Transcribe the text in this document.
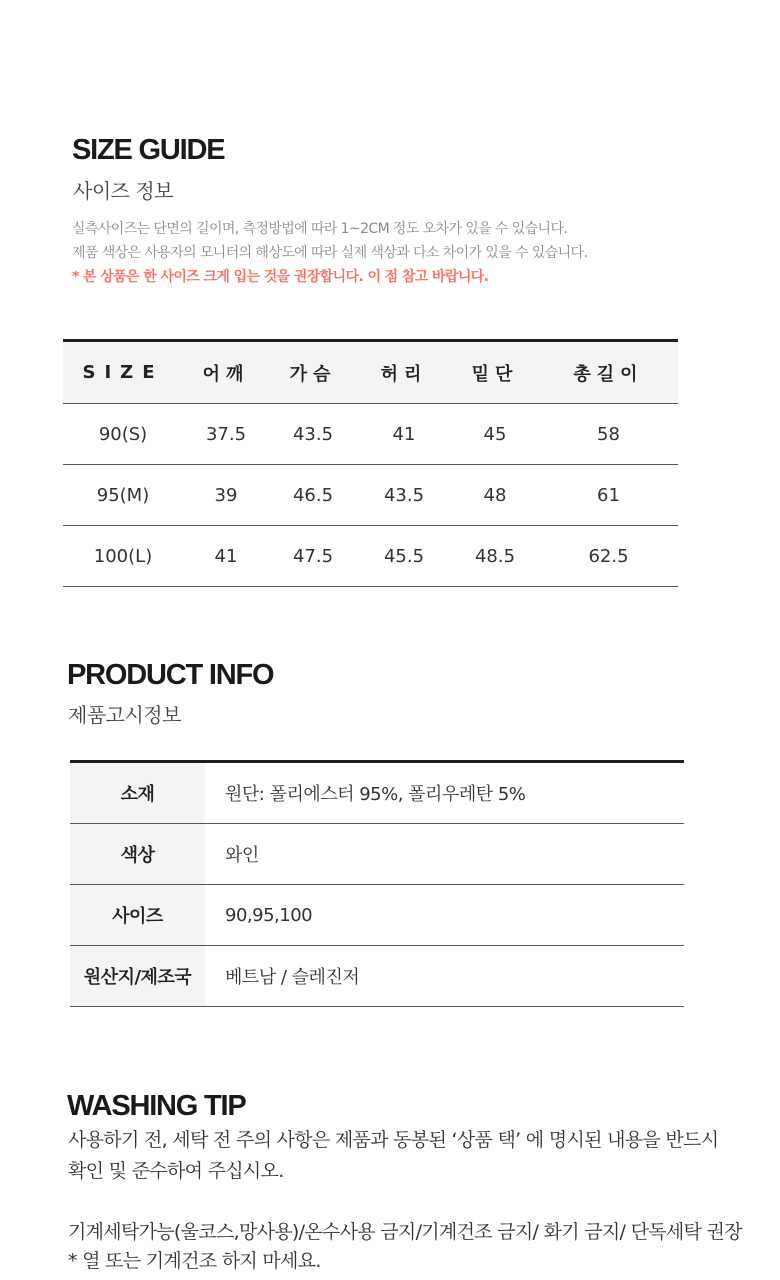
SIZE GUIDE
사이즈 정보
실측사이즈는 단면의 길이며, 측정방법에 따라 1~2CM 정도 오차가 있을 수 있습니다.
제품 색상은 사용자의 모니터의 해상도에 따라 실제 색상과 다소 차이가 있을 수 있습니다.
* 본 상품은 한 사이즈 크게 입는 것을 권장합니다. 이 점 참고 바랍니다.
SIZE	어깨	가슴	허리	밑단	총길이
90(S)	37.5	43.5	41	45	58
95(M)	39	46.5	43.5	48	61
100(L)	41	47.5	45.5	48.5	62.5
PRODUCT INFO
제품고시정보
소재	원단: 폴리에스터 95%, 폴리우레탄 5%
색상	와인
사이즈	90,95,100
원산지/제조국	베트남 / 슬레진저
WASHING TIP
사용하기 전, 세탁 전 주의 사항은 제품과 동봉된 ‘상품 택’ 에 명시된 내용을 반드시
확인 및 준수하여 주십시오.
기계세탁가능(울코스,망사용)/온수사용 금지/기계건조 금지/ 화기 금지/ 단독세탁 권장
* 열 또는 기계건조 하지 마세요.
